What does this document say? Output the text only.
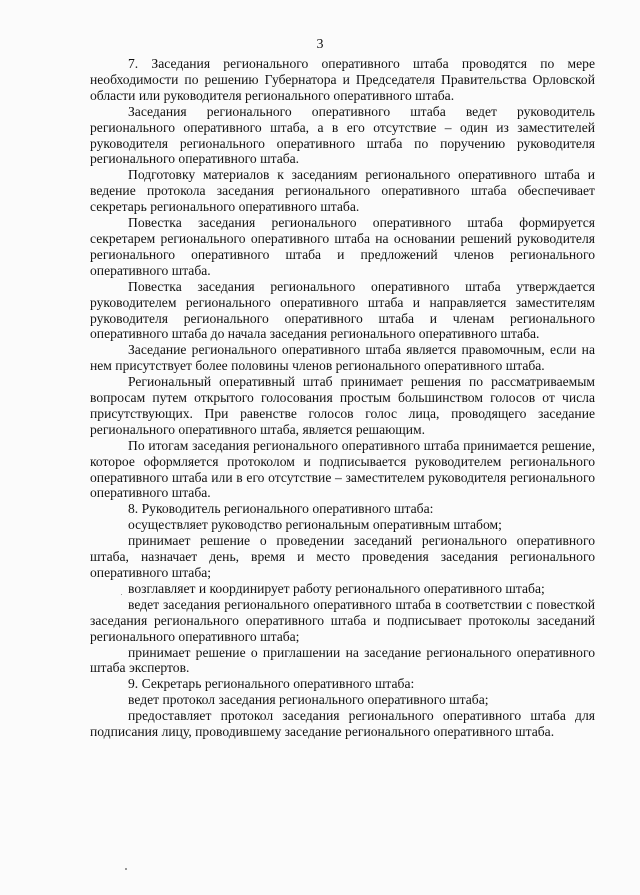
3

7. Заседания регионального оперативного штаба проводятся по мере необходимости по решению Губернатора и Председателя Правительства Орловской области или руководителя регионального оперативного штаба.

Заседания регионального оперативного штаба ведет руководитель регионального оперативного штаба, а в его отсутствие – один из заместителей руководителя регионального оперативного штаба по поручению руководителя регионального оперативного штаба.

Подготовку материалов к заседаниям регионального оперативного штаба и ведение протокола заседания регионального оперативного штаба обеспечивает секретарь регионального оперативного штаба.

Повестка заседания регионального оперативного штаба формируется секретарем регионального оперативного штаба на основании решений руководителя регионального оперативного штаба и предложений членов регионального оперативного штаба.

Повестка заседания регионального оперативного штаба утверждается руководителем регионального оперативного штаба и направляется заместителям руководителя регионального оперативного штаба и членам регионального оперативного штаба до начала заседания регионального оперативного штаба.

Заседание регионального оперативного штаба является правомочным, если на нем присутствует более половины членов регионального оперативного штаба.

Региональный оперативный штаб принимает решения по рассматриваемым вопросам путем открытого голосования простым большинством голосов от числа присутствующих. При равенстве голосов голос лица, проводящего заседание регионального оперативного штаба, является решающим.

По итогам заседания регионального оперативного штаба принимается решение, которое оформляется протоколом и подписывается руководителем регионального оперативного штаба или в его отсутствие – заместителем руководителя регионального оперативного штаба.

8. Руководитель регионального оперативного штаба:

осуществляет руководство региональным оперативным штабом;

принимает решение о проведении заседаний регионального оперативного штаба, назначает день, время и место проведения заседания регионального оперативного штаба;

возглавляет и координирует работу регионального оперативного штаба;

ведет заседания регионального оперативного штаба в соответствии с повесткой заседания регионального оперативного штаба и подписывает протоколы заседаний регионального оперативного штаба;

принимает решение о приглашении на заседание регионального оперативного штаба экспертов.

9. Секретарь регионального оперативного штаба:

ведет протокол заседания регионального оперативного штаба;

предоставляет протокол заседания регионального оперативного штаба для подписания лицу, проводившему заседание регионального оперативного штаба.
